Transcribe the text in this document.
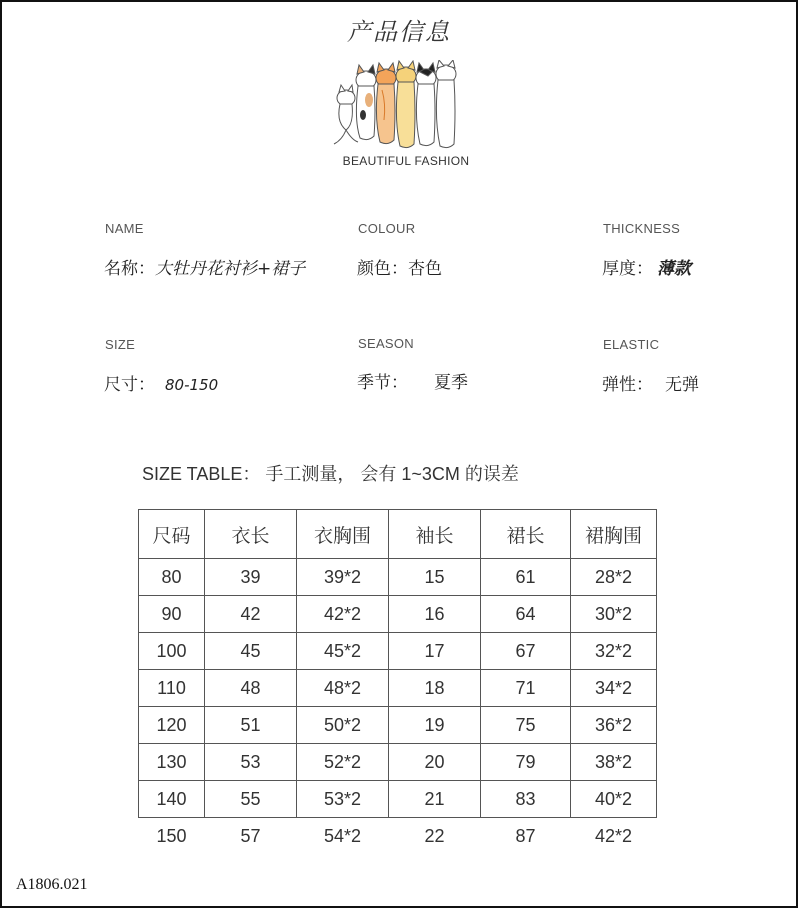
产品信息
BEAUTIFUL FASHION
NAME
名称：大牡丹花衬衫+裙子
COLOUR
颜色：杏色
THICKNESS
厚度： 薄款
SIZE
尺寸： 80-150
SEASON
季节： 夏季
ELASTIC
弹性： 无弹
SIZE TABLE： 手工测量， 会有 1~3CM 的误差
尺码	衣长	衣胸围	袖长	裙长	裙胸围
80	39	39*2	15	61	28*2
90	42	42*2	16	64	30*2
100	45	45*2	17	67	32*2
110	48	48*2	18	71	34*2
120	51	50*2	19	75	36*2
130	53	52*2	20	79	38*2
140	55	53*2	21	83	40*2
150	57	54*2	22	87	42*2
A1806.021
